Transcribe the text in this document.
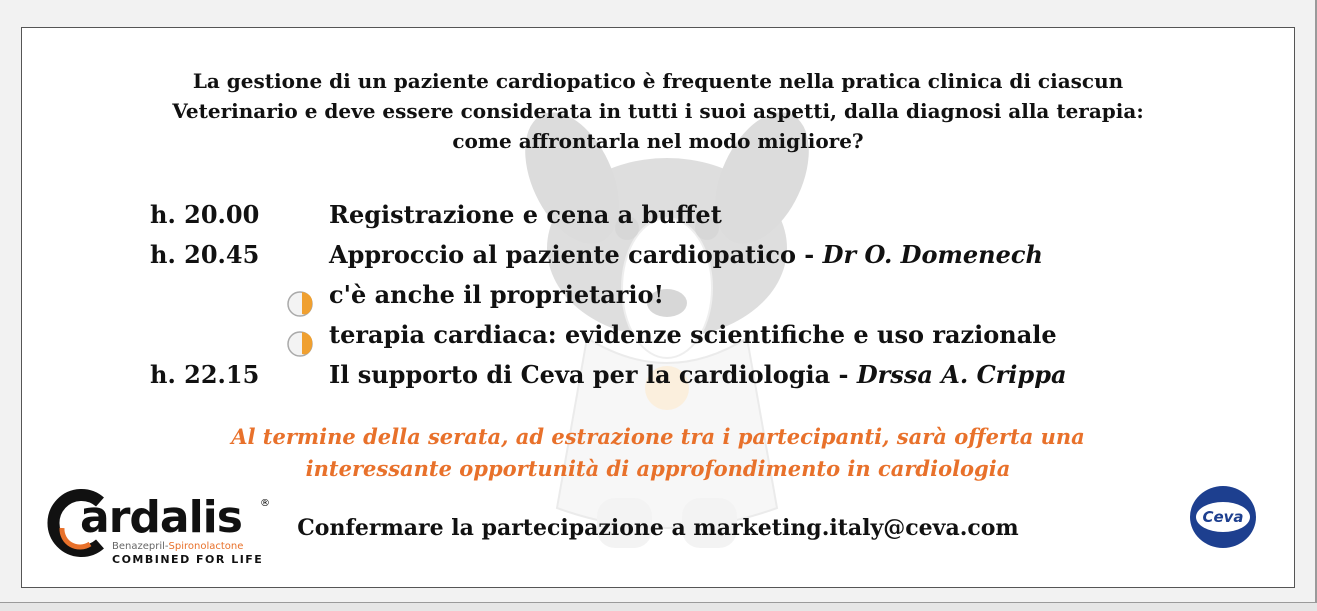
La gestione di un paziente cardiopatico è frequente nella pratica clinica di ciascun
Veterinario e deve essere considerata in tutti i suoi aspetti, dalla diagnosi alla terapia:
come affrontarla nel modo migliore?
h. 20.00	Registrazione e cena a buffet
h. 20.45	Approccio al paziente cardiopatico - Dr O. Domenech
c'è anche il proprietario!
terapia cardiaca: evidenze scientifiche e uso razionale
h. 22.15	Il supporto di Ceva per la cardiologia - Drssa A. Crippa
Al termine della serata, ad estrazione tra i partecipanti, sarà offerta una
interessante opportunità di approfondimento in cardiologia
Confermare la partecipazione a marketing.italy@ceva.com
ardalis ®
Benazepril-Spironolactone
COMBINED FOR LIFE
Ceva
